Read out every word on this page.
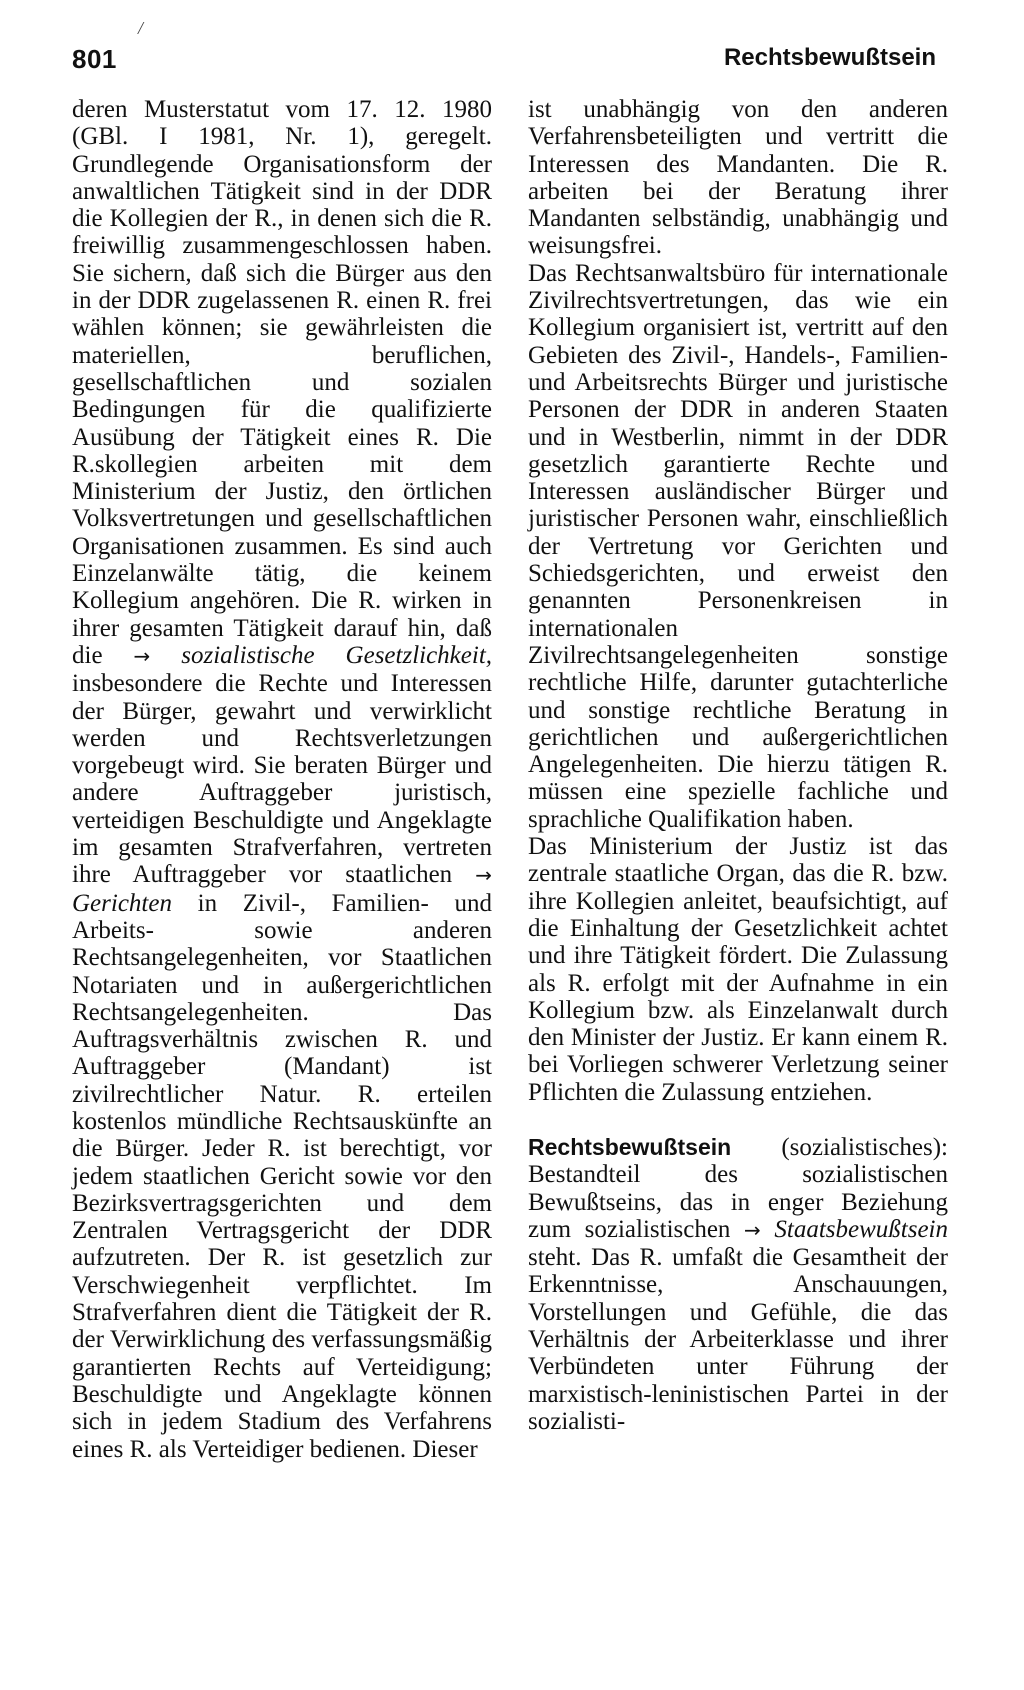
/
801	Rechtsbewußtsein

deren Musterstatut vom 17. 12. 1980 (GBl. I 1981, Nr. 1), geregelt. Grundlegende Organisationsform der anwaltlichen Tätigkeit sind in der DDR die Kollegien der R., in denen sich die R. freiwillig zusammengeschlossen haben. Sie sichern, daß sich die Bürger aus den in der DDR zugelassenen R. einen R. frei wählen können; sie gewährleisten die materiellen, beruflichen, gesellschaftlichen und sozialen Bedingungen für die qualifizierte Ausübung der Tätigkeit eines R. Die R.skollegien arbeiten mit dem Ministerium der Justiz, den örtlichen Volksvertretungen und gesellschaftlichen Organisationen zusammen. Es sind auch Einzelanwälte tätig, die keinem Kollegium angehören. Die R. wirken in ihrer gesamten Tätigkeit darauf hin, daß die → sozialistische Gesetzlichkeit, insbesondere die Rechte und Interessen der Bürger, gewahrt und verwirklicht werden und Rechtsverletzungen vorgebeugt wird. Sie beraten Bürger und andere Auftraggeber juristisch, verteidigen Beschuldigte und Angeklagte im gesamten Strafverfahren, vertreten ihre Auftraggeber vor staatlichen → Gerichten in Zivil-, Familien- und Arbeits- sowie anderen Rechtsangelegenheiten, vor Staatlichen Notariaten und in außergerichtlichen Rechtsangelegenheiten. Das Auftragsverhältnis zwischen R. und Auftraggeber (Mandant) ist zivilrechtlicher Natur. R. erteilen kostenlos mündliche Rechtsauskünfte an die Bürger. Jeder R. ist berechtigt, vor jedem staatlichen Gericht sowie vor den Bezirksvertragsgerichten und dem Zentralen Vertragsgericht der DDR aufzutreten. Der R. ist gesetzlich zur Verschwiegenheit verpflichtet. Im Strafverfahren dient die Tätigkeit der R. der Verwirklichung des verfassungsmäßig garantierten Rechts auf Verteidigung; Beschuldigte und Angeklagte können sich in jedem Stadium des Verfahrens eines R. als Verteidiger bedienen. Dieser

ist unabhängig von den anderen Verfahrensbeteiligten und vertritt die Interessen des Mandanten. Die R. arbeiten bei der Beratung ihrer Mandanten selbständig, unabhängig und weisungsfrei.

Das Rechtsanwaltsbüro für internationale Zivilrechtsvertretungen, das wie ein Kollegium organisiert ist, vertritt auf den Gebieten des Zivil-, Handels-, Familien- und Arbeitsrechts Bürger und juristische Personen der DDR in anderen Staaten und in Westberlin, nimmt in der DDR gesetzlich garantierte Rechte und Interessen ausländischer Bürger und juristischer Personen wahr, einschließlich der Vertretung vor Gerichten und Schiedsgerichten, und erweist den genannten Personenkreisen in internationalen Zivilrechtsangelegenheiten sonstige rechtliche Hilfe, darunter gutachterliche und sonstige rechtliche Beratung in gerichtlichen und außergerichtlichen Angelegenheiten. Die hierzu tätigen R. müssen eine spezielle fachliche und sprachliche Qualifikation haben.

Das Ministerium der Justiz ist das zentrale staatliche Organ, das die R. bzw. ihre Kollegien anleitet, beaufsichtigt, auf die Einhaltung der Gesetzlichkeit achtet und ihre Tätigkeit fördert. Die Zulassung als R. erfolgt mit der Aufnahme in ein Kollegium bzw. als Einzelanwalt durch den Minister der Justiz. Er kann einem R. bei Vorliegen schwerer Verletzung seiner Pflichten die Zulassung entziehen.

Rechtsbewußtsein (sozialistisches): Bestandteil des sozialistischen Bewußtseins, das in enger Beziehung zum sozialistischen → Staatsbewußtsein steht. Das R. umfaßt die Gesamtheit der Erkenntnisse, Anschauungen, Vorstellungen und Gefühle, die das Verhältnis der Arbeiterklasse und ihrer Verbündeten unter Führung der marxistisch-leninistischen Partei in der sozialisti-
